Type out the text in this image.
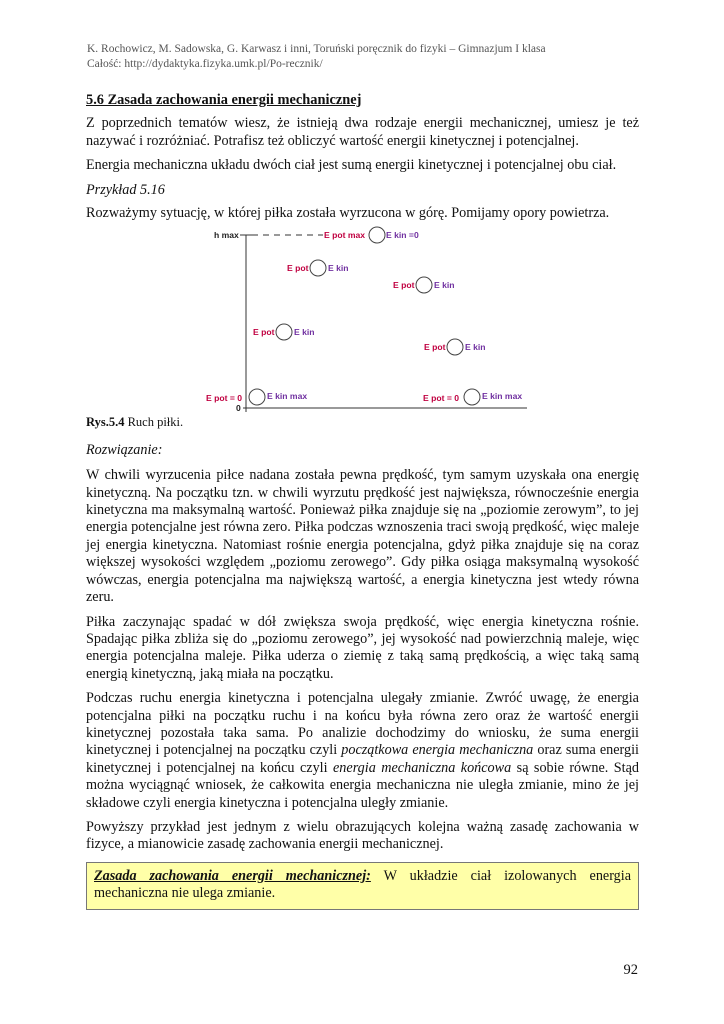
K. Rochowicz, M. Sadowska, G. Karwasz i inni, Toruński poręcznik do fizyki – Gimnazjum I klasa
Całość: http://dydaktyka.fizyka.umk.pl/Po-recznik/
5.6 Zasada zachowania energii mechanicznej

Z poprzednich tematów wiesz, że istnieją dwa rodzaje energii mechanicznej, umiesz je też nazywać i rozróżniać. Potrafisz też obliczyć wartość energii kinetycznej i potencjalnej.

Energia mechaniczna układu dwóch ciał jest sumą energii kinetycznej i potencjalnej obu ciał.

Przykład 5.16

Rozważymy sytuację, w której piłka została wyrzucona w górę. Pomijamy opory powietrza.

h max
0
E pot max E kin =0
E pot E kin
E pot E kin
E pot E kin
E pot E kin
E pot = 0	E kin max	E pot = 0	E kin max
Rys.5.4 Ruch piłki.
Rozwiązanie:

W chwili wyrzucenia piłce nadana została pewna prędkość, tym samym uzyskała ona energię kinetyczną. Na początku tzn. w chwili wyrzutu prędkość jest największa, równocześnie energia kinetyczna ma maksymalną wartość. Ponieważ piłka znajduje się na „poziomie zerowym”, to jej energia potencjalne jest równa zero. Piłka podczas wznoszenia traci swoją prędkość, więc maleje jej energia kinetyczna. Natomiast rośnie energia potencjalna, gdyż piłka znajduje się na coraz większej wysokości względem „poziomu zerowego”. Gdy piłka osiąga maksymalną wysokość wówczas, energia potencjalna ma największą wartość, a energia kinetyczna jest wtedy równa zeru.

Piłka zaczynając spadać w dół zwiększa swoja prędkość, więc energia kinetyczna rośnie. Spadając piłka zbliża się do „poziomu zerowego”, jej wysokość nad powierzchnią maleje, więc energia potencjalna maleje. Piłka uderza o ziemię z taką samą prędkością, a więc taką samą energią kinetyczną, jaką miała na początku.

Podczas ruchu energia kinetyczna i potencjalna ulegały zmianie. Zwróć uwagę, że energia potencjalna piłki na początku ruchu i na końcu była równa zero oraz że wartość energii kinetycznej pozostała taka sama. Po analizie dochodzimy do wniosku, że suma energii kinetycznej i potencjalnej na początku czyli początkowa energia mechaniczna oraz suma energii kinetycznej i potencjalnej na końcu czyli energia mechaniczna końcowa są sobie równe. Stąd można wyciągnąć wniosek, że całkowita energia mechaniczna nie uległa zmianie, mino że jej składowe czyli energia kinetyczna i potencjalna uległy zmianie.

Powyższy przykład jest jednym z wielu obrazujących kolejna ważną zasadę zachowania w fizyce, a mianowicie zasadę zachowania energii mechanicznej.

Zasada zachowania energii mechanicznej: W układzie ciał izolowanych energia mechaniczna nie ulega zmianie.
92
